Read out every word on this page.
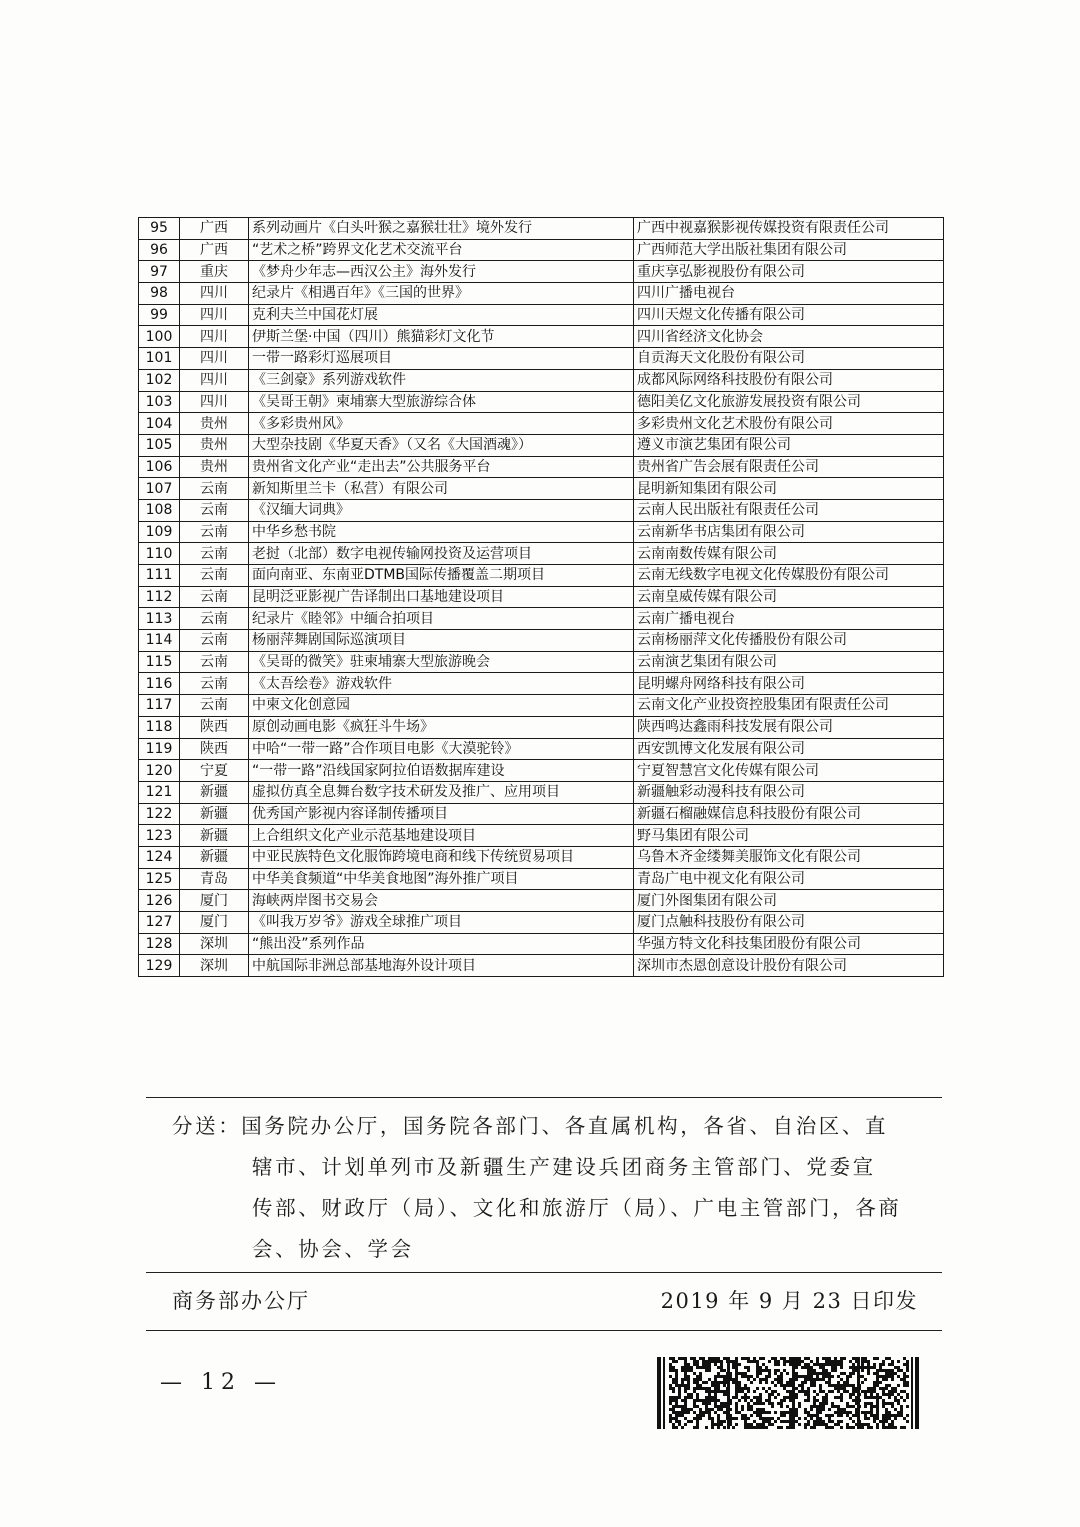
95	广西	系列动画片《白头叶猴之嘉猴壮壮》境外发行	广西中视嘉猴影视传媒投资有限责任公司
96	广西	“艺术之桥”跨界文化艺术交流平台	广西师范大学出版社集团有限公司
97	重庆	《梦舟少年志—西汉公主》海外发行	重庆享弘影视股份有限公司
98	四川	纪录片《相遇百年》《三国的世界》	四川广播电视台
99	四川	克利夫兰中国花灯展	四川天煜文化传播有限公司
100	四川	伊斯兰堡·中国（四川）熊猫彩灯文化节	四川省经济文化协会
101	四川	一带一路彩灯巡展项目	自贡海天文化股份有限公司
102	四川	《三剑豪》系列游戏软件	成都风际网络科技股份有限公司
103	四川	《吴哥王朝》柬埔寨大型旅游综合体	德阳美亿文化旅游发展投资有限公司
104	贵州	《多彩贵州风》	多彩贵州文化艺术股份有限公司
105	贵州	大型杂技剧《华夏天香》（又名《大国酒魂》）	遵义市演艺集团有限公司
106	贵州	贵州省文化产业“走出去”公共服务平台	贵州省广告会展有限责任公司
107	云南	新知斯里兰卡（私营）有限公司	昆明新知集团有限公司
108	云南	《汉缅大词典》	云南人民出版社有限责任公司
109	云南	中华乡愁书院	云南新华书店集团有限公司
110	云南	老挝（北部）数字电视传输网投资及运营项目	云南南数传媒有限公司
111	云南	面向南亚、东南亚DTMB国际传播覆盖二期项目	云南无线数字电视文化传媒股份有限公司
112	云南	昆明泛亚影视广告译制出口基地建设项目	云南皇威传媒有限公司
113	云南	纪录片《睦邻》中缅合拍项目	云南广播电视台
114	云南	杨丽萍舞剧国际巡演项目	云南杨丽萍文化传播股份有限公司
115	云南	《吴哥的微笑》驻柬埔寨大型旅游晚会	云南演艺集团有限公司
116	云南	《太吾绘卷》游戏软件	昆明螺舟网络科技有限公司
117	云南	中柬文化创意园	云南文化产业投资控股集团有限责任公司
118	陕西	原创动画电影《疯狂斗牛场》	陕西鸣达鑫雨科技发展有限公司
119	陕西	中哈“一带一路”合作项目电影《大漠驼铃》	西安凯博文化发展有限公司
120	宁夏	“一带一路”沿线国家阿拉伯语数据库建设	宁夏智慧宫文化传媒有限公司
121	新疆	虚拟仿真全息舞台数字技术研发及推广、应用项目	新疆触彩动漫科技有限公司
122	新疆	优秀国产影视内容译制传播项目	新疆石榴融媒信息科技股份有限公司
123	新疆	上合组织文化产业示范基地建设项目	野马集团有限公司
124	新疆	中亚民族特色文化服饰跨境电商和线下传统贸易项目	乌鲁木齐金缕舞美服饰文化有限公司
125	青岛	中华美食频道“中华美食地图”海外推广项目	青岛广电中视文化有限公司
126	厦门	海峡两岸图书交易会	厦门外图集团有限公司
127	厦门	《叫我万岁爷》游戏全球推广项目	厦门点触科技股份有限公司
128	深圳	“熊出没”系列作品	华强方特文化科技集团股份有限公司
129	深圳	中航国际非洲总部基地海外设计项目	深圳市杰恩创意设计股份有限公司
分送：国务院办公厅，国务院各部门、各直属机构，各省、自治区、直
辖市、计划单列市及新疆生产建设兵团商务主管部门、党委宣
传部、财政厅（局）、文化和旅游厅（局）、广电主管部门，各商
会、协会、学会
商务部办公厅	2019 年 9 月 23 日印发
— 12 —
